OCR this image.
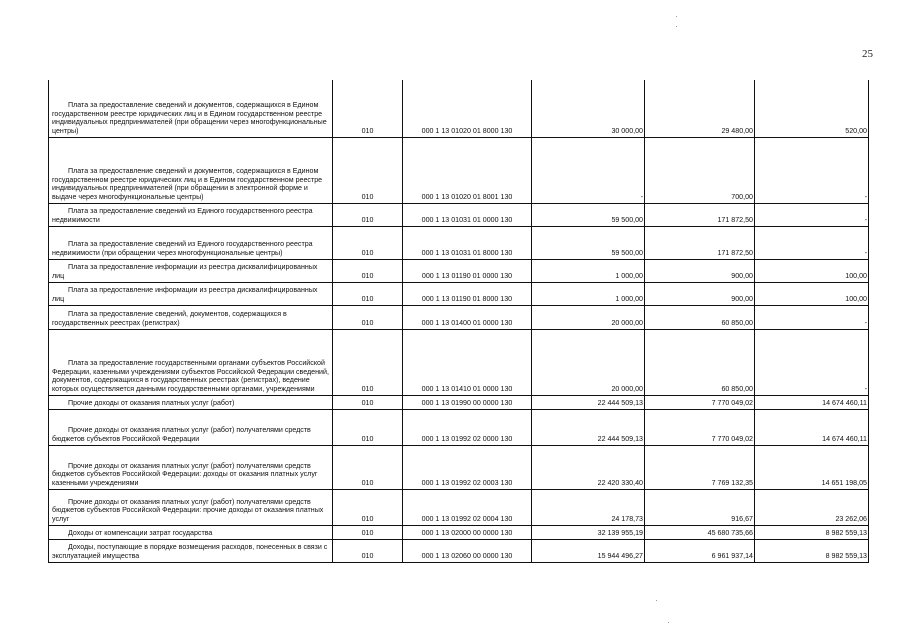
25
Плата за предоставление сведений и документов, содержащихся в Едином государственном реестре юридических лиц и в Едином государственном реестре индивидуальных предпринимателей (при обращении через многофункциональные центры)	010	000 1 13 01020 01 8000 130	30 000,00	29 480,00	520,00

Плата за предоставление сведений и документов, содержащихся в Едином государственном реестре юридических лиц и в Едином государственном реестре индивидуальных предпринимателей (при обращении в электронной форме и выдаче через многофункциональные центры)	010	000 1 13 01020 01 8001 130	-	700,00	-

Плата за предоставление сведений из Единого государственного реестра недвижимости	010	000 1 13 01031 01 0000 130	59 500,00	171 872,50	-

Плата за предоставление сведений из Единого государственного реестра недвижимости (при обращении через многофункциональные центры)	010	000 1 13 01031 01 8000 130	59 500,00	171 872,50	-

Плата за предоставление информации из реестра дисквалифицированных лиц	010	000 1 13 01190 01 0000 130	1 000,00	900,00	100,00

Плата за предоставление информации из реестра дисквалифицированных лиц	010	000 1 13 01190 01 8000 130	1 000,00	900,00	100,00

Плата за предоставление сведений, документов, содержащихся в государственных реестрах (регистрах)	010	000 1 13 01400 01 0000 130	20 000,00	60 850,00	-

Плата за предоставление государственными органами субъектов Российской Федерации, казенными учреждениями субъектов Российской Федерации сведений, документов, содержащихся в государственных реестрах (регистрах), ведение которых осуществляется данными государственными органами, учреждениями	010	000 1 13 01410 01 0000 130	20 000,00	60 850,00	-

Прочие доходы от оказания платных услуг (работ)	010	000 1 13 01990 00 0000 130	22 444 509,13	7 770 049,02	14 674 460,11

Прочие доходы от оказания платных услуг (работ) получателями средств бюджетов субъектов Российской Федерации	010	000 1 13 01992 02 0000 130	22 444 509,13	7 770 049,02	14 674 460,11

Прочие доходы от оказания платных услуг (работ) получателями средств бюджетов субъектов Российской Федерации: доходы от оказания платных услуг казенными учреждениями	010	000 1 13 01992 02 0003 130	22 420 330,40	7 769 132,35	14 651 198,05

Прочие доходы от оказания платных услуг (работ) получателями средств бюджетов субъектов Российской Федерации: прочие доходы от оказания платных услуг	010	000 1 13 01992 02 0004 130	24 178,73	916,67	23 262,06

Доходы от компенсации затрат государства	010	000 1 13 02000 00 0000 130	32 139 955,19	45 680 735,66	8 982 559,13

Доходы, поступающие в порядке возмещения расходов, понесенных в связи с эксплуатацией имущества	010	000 1 13 02060 00 0000 130	15 944 496,27	6 961 937,14	8 982 559,13
